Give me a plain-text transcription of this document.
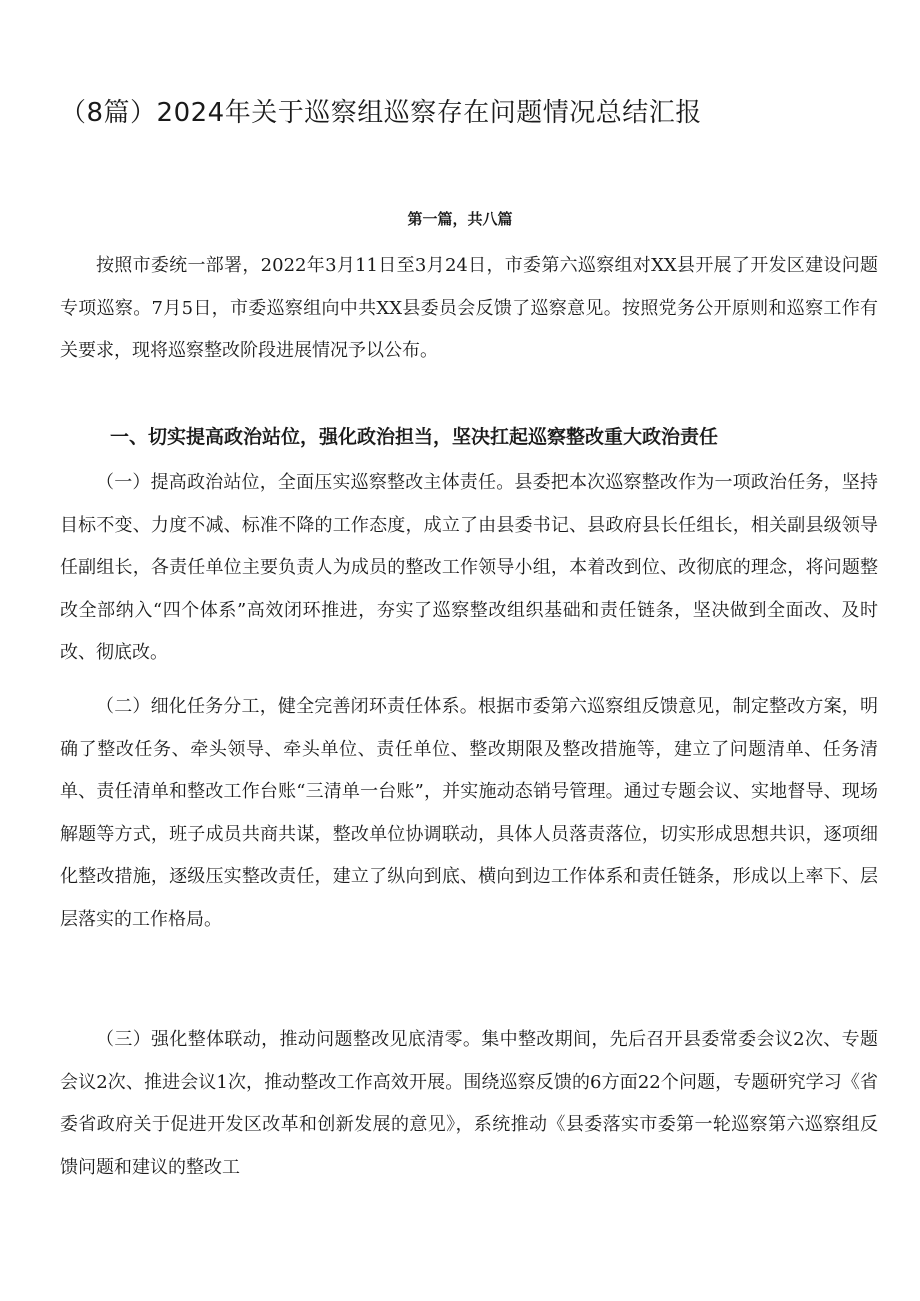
（8篇）2024年关于巡察组巡察存在问题情况总结汇报
第一篇，共八篇

按照市委统一部署，2022年3月11日至3月24日，市委第六巡察组对XX县开展了开发区建设问题专项巡察。7月5日，市委巡察组向中共XX县委员会反馈了巡察意见。按照党务公开原则和巡察工作有关要求，现将巡察整改阶段进展情况予以公布。

一、切实提高政治站位，强化政治担当，坚决扛起巡察整改重大政治责任

（一）提高政治站位，全面压实巡察整改主体责任。县委把本次巡察整改作为一项政治任务，坚持目标不变、力度不减、标准不降的工作态度，成立了由县委书记、县政府县长任组长，相关副县级领导任副组长，各责任单位主要负责人为成员的整改工作领导小组，本着改到位、改彻底的理念，将问题整改全部纳入“四个体系”高效闭环推进，夯实了巡察整改组织基础和责任链条，坚决做到全面改、及时改、彻底改。

（二）细化任务分工，健全完善闭环责任体系。根据市委第六巡察组反馈意见，制定整改方案，明确了整改任务、牵头领导、牵头单位、责任单位、整改期限及整改措施等，建立了问题清单、任务清单、责任清单和整改工作台账“三清单一台账”，并实施动态销号管理。通过专题会议、实地督导、现场解题等方式，班子成员共商共谋，整改单位协调联动，具体人员落责落位，切实形成思想共识，逐项细化整改措施，逐级压实整改责任，建立了纵向到底、横向到边工作体系和责任链条，形成以上率下、层层落实的工作格局。

（三）强化整体联动，推动问题整改见底清零。集中整改期间，先后召开县委常委会议2次、专题会议2次、推进会议1次，推动整改工作高效开展。围绕巡察反馈的6方面22个问题，专题研究学习《省委省政府关于促进开发区改革和创新发展的意见》，系统推动《县委落实市委第一轮巡察第六巡察组反馈问题和建议的整改工
